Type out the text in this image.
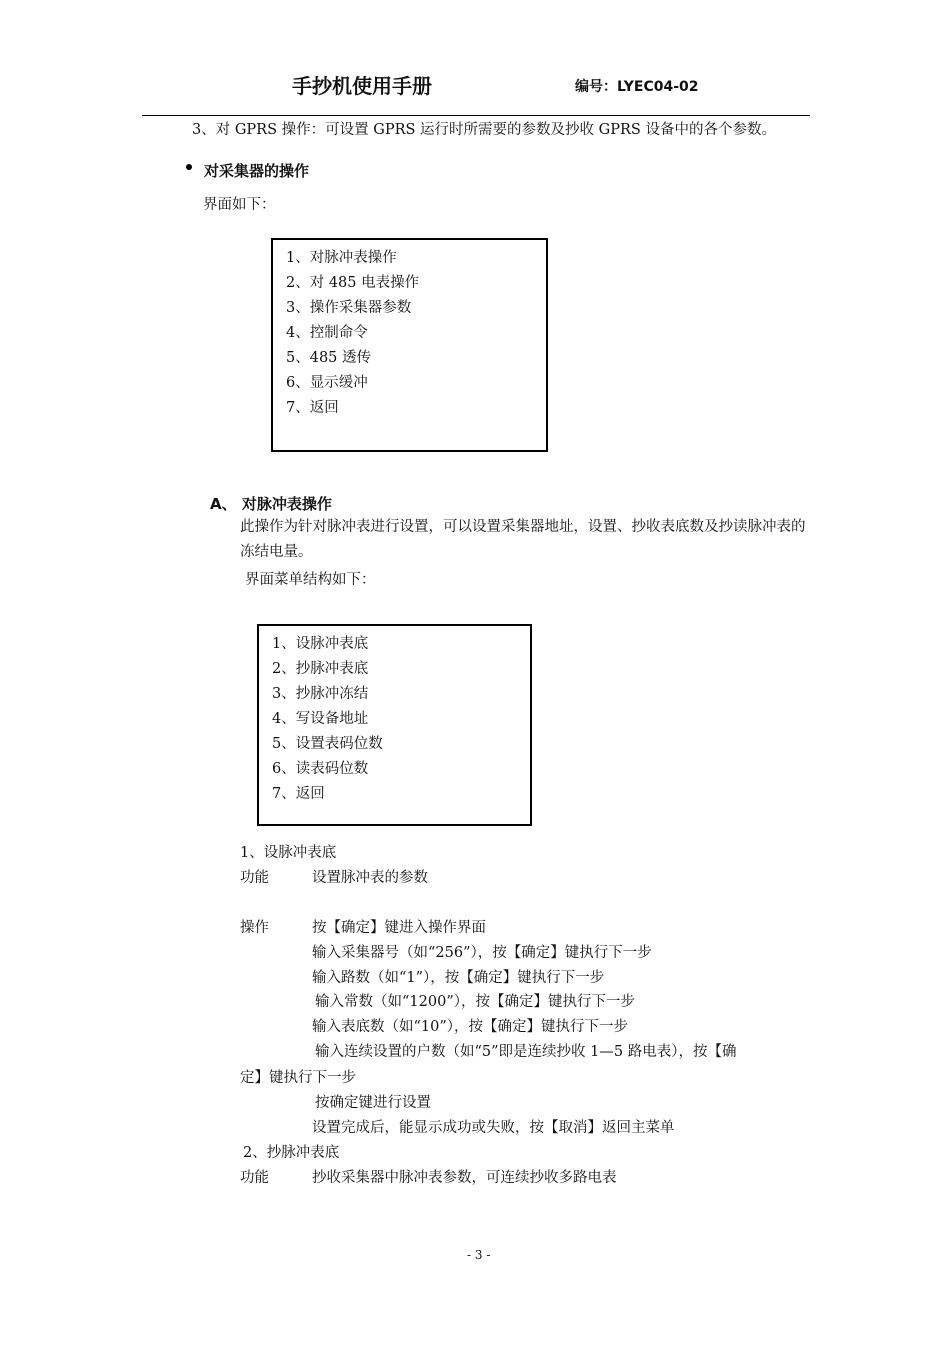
手抄机使用手册	编号：LYEC04-02
3、对 GPRS 操作：可设置 GPRS 运行时所需要的参数及抄收 GPRS 设备中的各个参数。
对采集器的操作
界面如下：
1、对脉冲表操作
2、对 485 电表操作
3、操作采集器参数
4、控制命令
5、485 透传
6、显示缓冲
7、返回
A、 对脉冲表操作
此操作为针对脉冲表进行设置，可以设置采集器地址，设置、抄收表底数及抄读脉冲表的冻结电量。
界面菜单结构如下：
1、设脉冲表底
2、抄脉冲表底
3、抄脉冲冻结
4、写设备地址
5、设置表码位数
6、读表码位数
7、返回
1、设脉冲表底
功能	设置脉冲表的参数
操作	按【确定】键进入操作界面
输入采集器号（如“256”），按【确定】键执行下一步
输入路数（如“1”），按【确定】键执行下一步
输入常数（如“1200”），按【确定】键执行下一步
输入表底数（如“10”），按【确定】键执行下一步
输入连续设置的户数（如“5”即是连续抄收 1—5 路电表），按【确
定】键执行下一步
按确定键进行设置
设置完成后，能显示成功或失败，按【取消】返回主菜单
2、抄脉冲表底
功能	抄收采集器中脉冲表参数，可连续抄收多路电表
- 3 -
